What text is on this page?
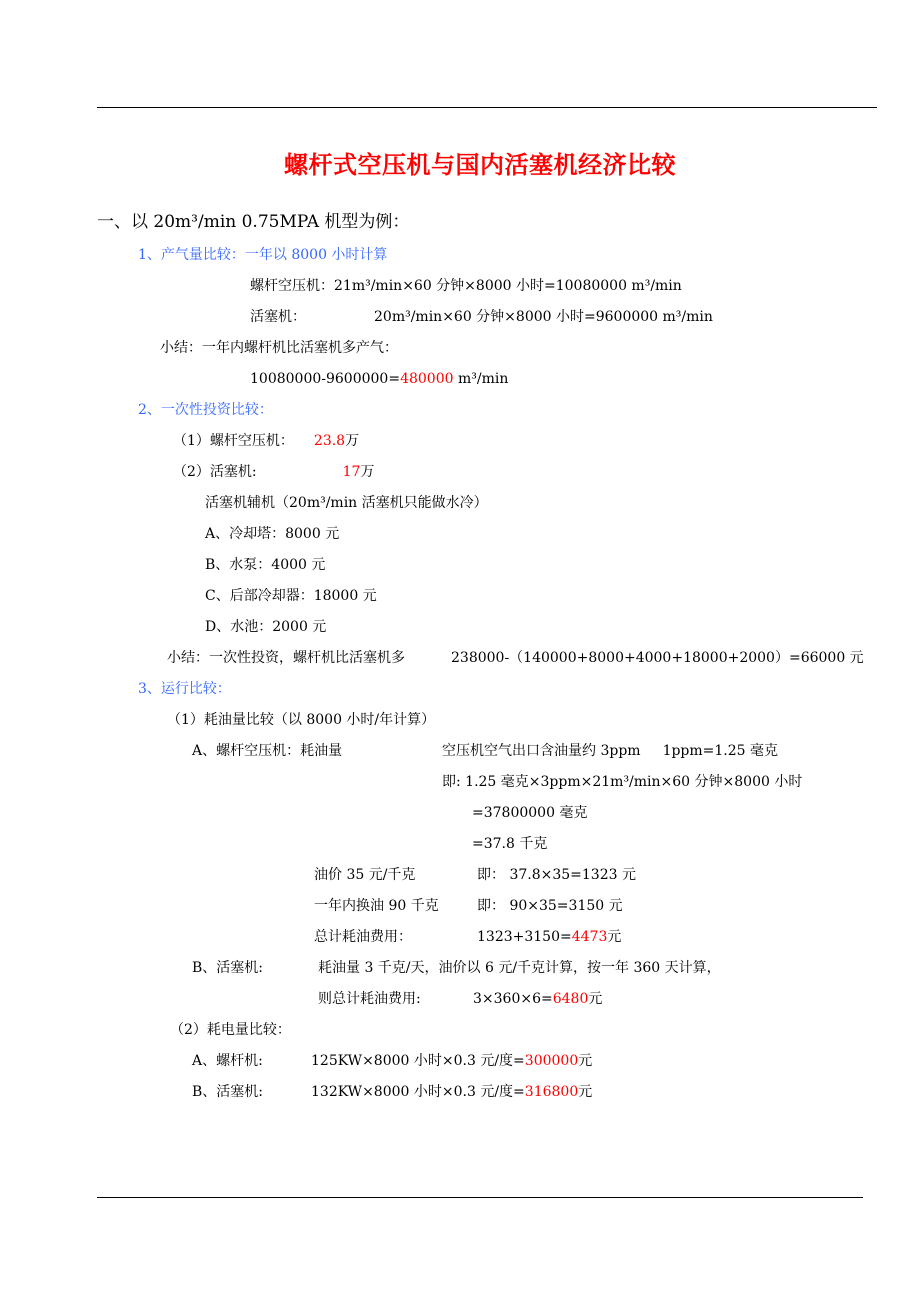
螺杆式空压机与国内活塞机经济比较
一、以 20m³/min 0.75MPA 机型为例：
1、产气量比较：一年以 8000 小时计算
螺杆空压机：21m³/min×60 分钟×8000 小时=10080000 m³/min
活塞机：	20m³/min×60 分钟×8000 小时=9600000 m³/min
小结：一年内螺杆机比活塞机多产气：
10080000-9600000=480000 m³/min
2、一次性投资比较：
（1）螺杆空压机： 23.8万
（2）活塞机:	17万
活塞机辅机（20m³/min 活塞机只能做水冷）
A、冷却塔：8000 元
B、水泵：4000 元
C、后部冷却器：18000 元
D、水池：2000 元
小结：一次性投资，螺杆机比活塞机多	238000-（140000+8000+4000+18000+2000）=66000 元
3、运行比较：
（1）耗油量比较（以 8000 小时/年计算）
A、螺杆空压机：耗油量	空压机空气出口含油量约 3ppm 1ppm=1.25 毫克
即: 1.25 毫克×3ppm×21m³/min×60 分钟×8000 小时
=37800000 毫克
=37.8 千克
油价 35 元/千克	即： 37.8×35=1323 元
一年内换油 90 千克	即： 90×35=3150 元
总计耗油费用：	1323+3150=4473元
B、活塞机:	耗油量 3 千克/天，油价以 6 元/千克计算，按一年 360 天计算，
则总计耗油费用:	3×360×6=6480元
（2）耗电量比较：
A、螺杆机:	125KW×8000 小时×0.3 元/度=300000元
B、活塞机:	132KW×8000 小时×0.3 元/度=316800元
